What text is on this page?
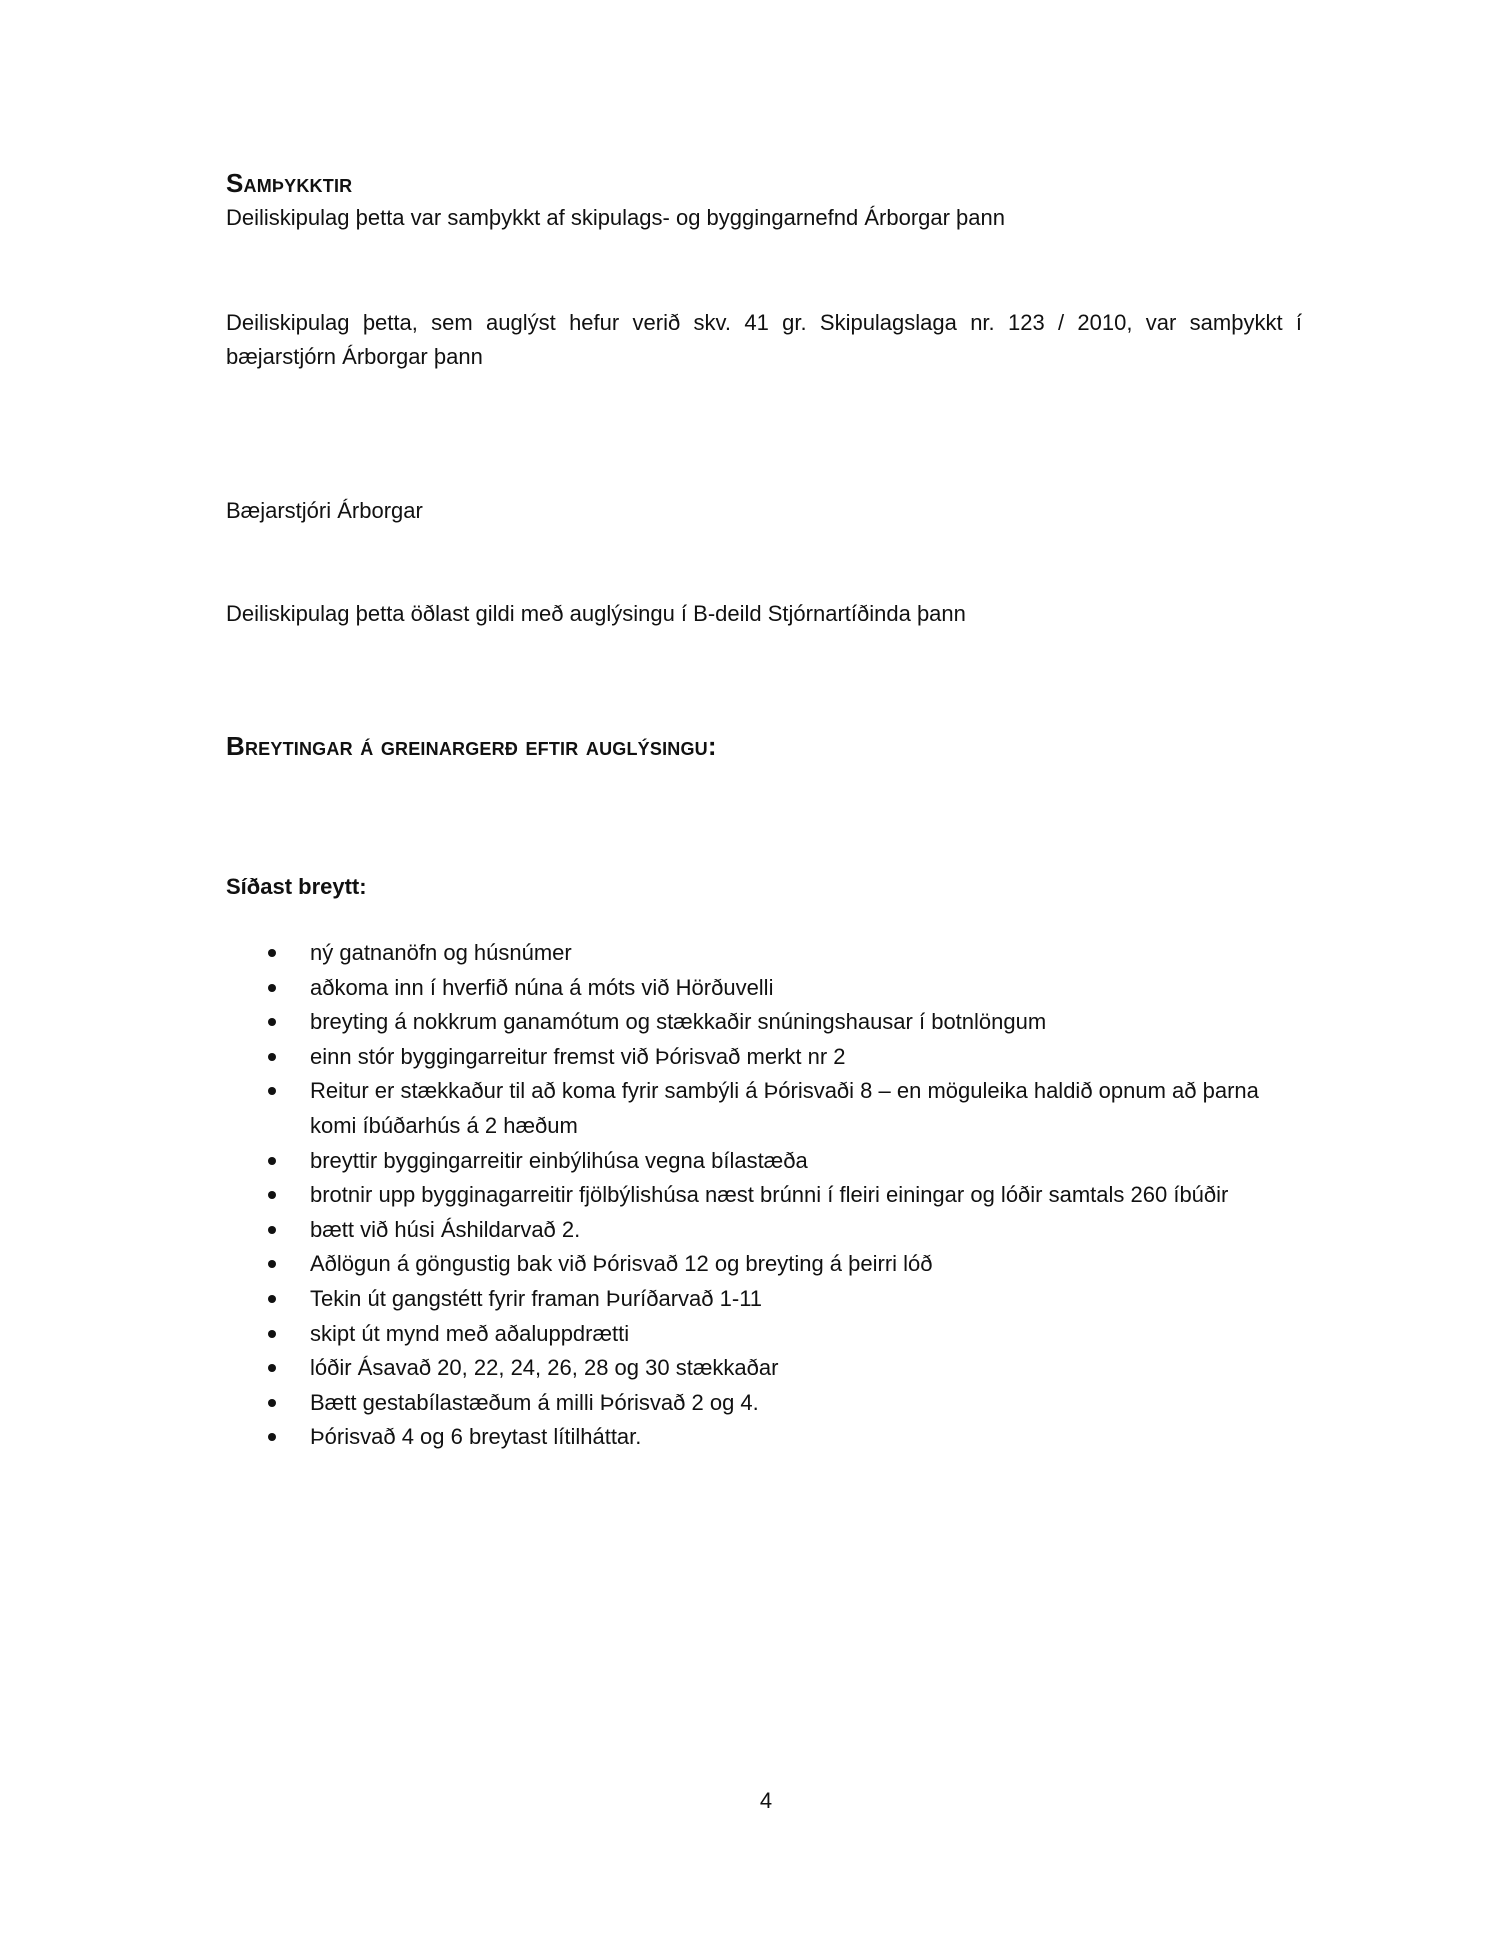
Samþykktir

Deiliskipulag þetta var samþykkt af skipulags- og byggingarnefnd Árborgar þann

Deiliskipulag þetta, sem auglýst hefur verið skv. 41 gr. Skipulagslaga nr. 123 / 2010, var samþykkt í bæjarstjórn Árborgar þann

Bæjarstjóri Árborgar

Deiliskipulag þetta öðlast gildi með auglýsingu í B-deild Stjórnartíðinda þann

Breytingar á greinargerð eftir auglýsingu:

Síðast breytt:

ný gatnanöfn og húsnúmer
aðkoma inn í hverfið núna á móts við Hörðuvelli
breyting á nokkrum ganamótum og stækkaðir snúningshausar í botnlöngum
einn stór byggingarreitur fremst við Þórisvað merkt nr 2
Reitur er stækkaður til að koma fyrir sambýli á Þórisvaði 8 – en möguleika haldið opnum að þarna komi íbúðarhús á 2 hæðum
breyttir byggingarreitir einbýlihúsa vegna bílastæða
brotnir upp bygginagarreitir fjölbýlishúsa næst brúnni í fleiri einingar og lóðir samtals 260 íbúðir
bætt við húsi Áshildarvað 2.
Aðlögun á göngustig bak við Þórisvað 12 og breyting á þeirri lóð
Tekin út gangstétt fyrir framan Þuríðarvað 1-11
skipt út mynd með aðaluppdrætti
lóðir Ásavað 20, 22, 24, 26, 28 og 30 stækkaðar
Bætt gestabílastæðum á milli Þórisvað 2 og 4.
Þórisvað 4 og 6 breytast lítilháttar.
4
